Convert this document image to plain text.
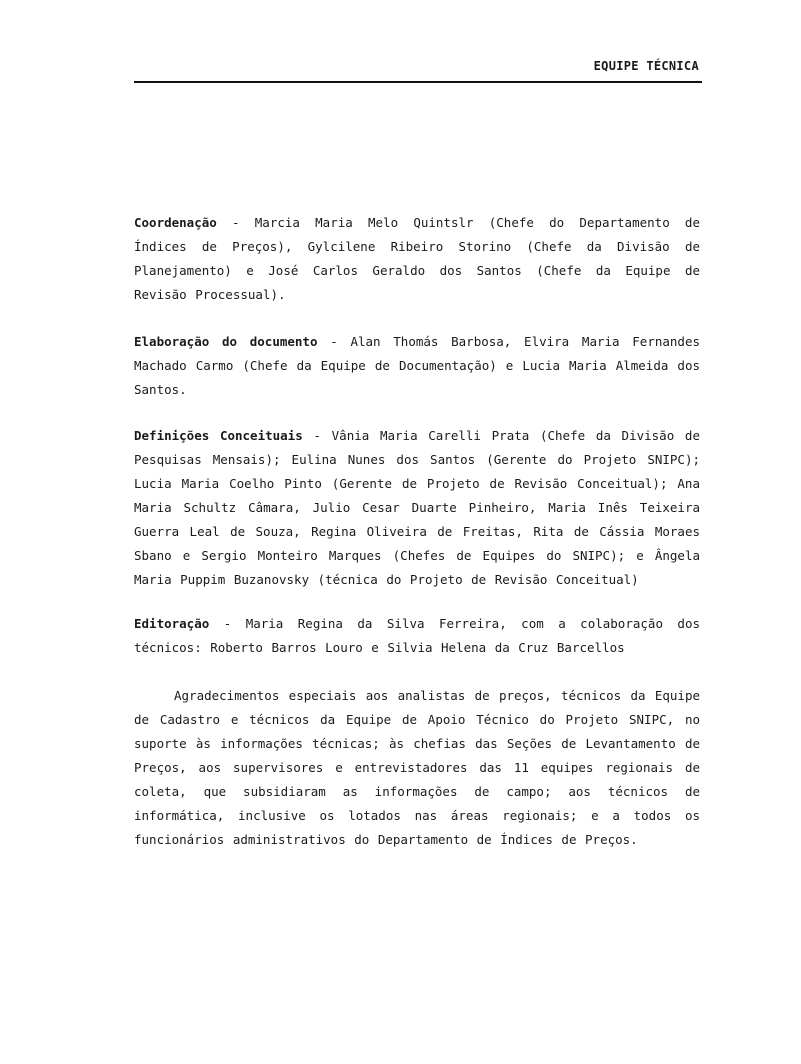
EQUIPE TÉCNICA

Coordenação - Marcia Maria Melo Quintslr (Chefe do Departamento de Índices de Preços), Gylcilene Ribeiro Storino (Chefe da Divisão de Planejamento) e José Carlos Geraldo dos Santos (Chefe da Equipe de Revisão Processual).

Elaboração do documento - Alan Thomás Barbosa, Elvira Maria Fernandes Machado Carmo (Chefe da Equipe de Documentação) e Lucia Maria Almeida dos Santos.

Definições Conceituais - Vânia Maria Carelli Prata (Chefe da Divisão de Pesquisas Mensais); Eulina Nunes dos Santos (Gerente do Projeto SNIPC); Lucia Maria Coelho Pinto (Gerente de Projeto de Revisão Conceitual); Ana Maria Schultz Câmara, Julio Cesar Duarte Pinheiro, Maria Inês Teixeira Guerra Leal de Souza, Regina Oliveira de Freitas, Rita de Cássia Moraes Sbano e Sergio Monteiro Marques (Chefes de Equipes do SNIPC); e Ângela Maria Puppim Buzanovsky (técnica do Projeto de Revisão Conceitual)

Editoração - Maria Regina da Silva Ferreira, com a colaboração dos técnicos: Roberto Barros Louro e Silvia Helena da Cruz Barcellos

Agradecimentos especiais aos analistas de preços, técnicos da Equipe de Cadastro e técnicos da Equipe de Apoio Técnico do Projeto SNIPC, no suporte às informações técnicas; às chefias das Seções de Levantamento de Preços, aos supervisores e entrevistadores das 11 equipes regionais de coleta, que subsidiaram as informações de campo; aos técnicos de informática, inclusive os lotados nas áreas regionais; e a todos os funcionários administrativos do Departamento de Índices de Preços.
